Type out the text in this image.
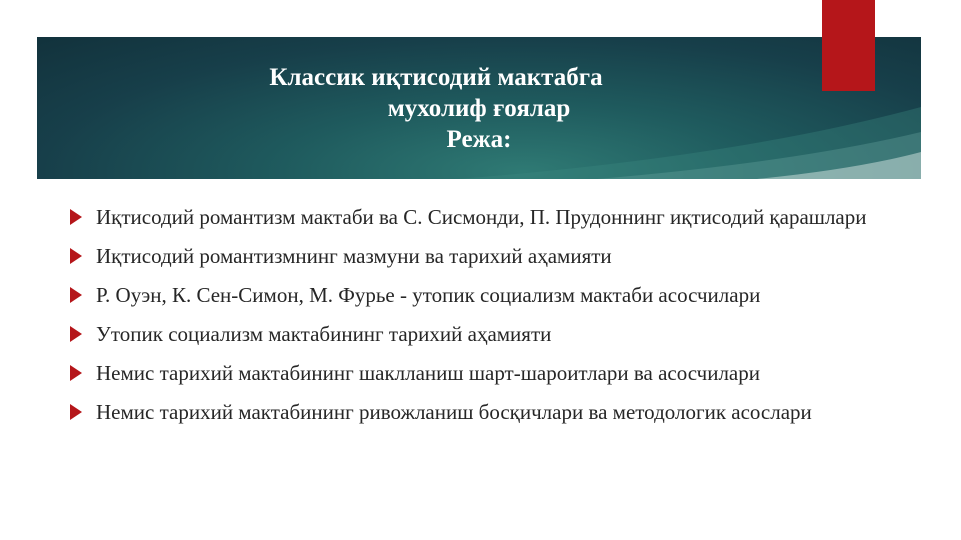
Классик иқтисодий мактабга
мухолиф ғоялар
Режа:
Иқтисодий романтизм мактаби ва С. Сисмонди, П. Прудоннинг иқтисодий қарашлари
Иқтисодий романтизмнинг мазмуни ва тарихий аҳамияти
Р. Оуэн, К. Сен-Симон, М. Фурье - утопик социализм мактаби асосчилари
Утопик социализм мактабининг тарихий аҳамияти
Немис тарихий мактабининг шаклланиш шарт-шароитлари ва асосчилари
Немис тарихий мактабининг ривожланиш босқичлари ва методологик асослари
